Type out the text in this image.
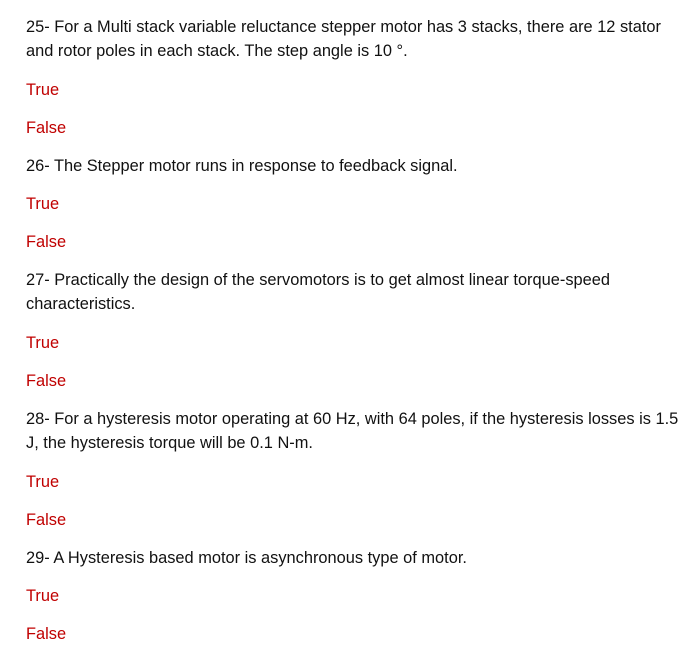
25- For a Multi stack variable reluctance stepper motor has 3 stacks, there are 12 stator and rotor poles in each stack. The step angle is 10 °.
True
False
26- The Stepper motor runs in response to feedback signal.
True
False
27- Practically the design of the servomotors is to get almost linear torque-speed characteristics.
True
False
28- For a hysteresis motor operating at 60 Hz, with 64 poles, if the hysteresis losses is 1.5 J, the hysteresis torque will be 0.1 N-m.
True
False
29- A Hysteresis based motor is asynchronous type of motor.
True
False
